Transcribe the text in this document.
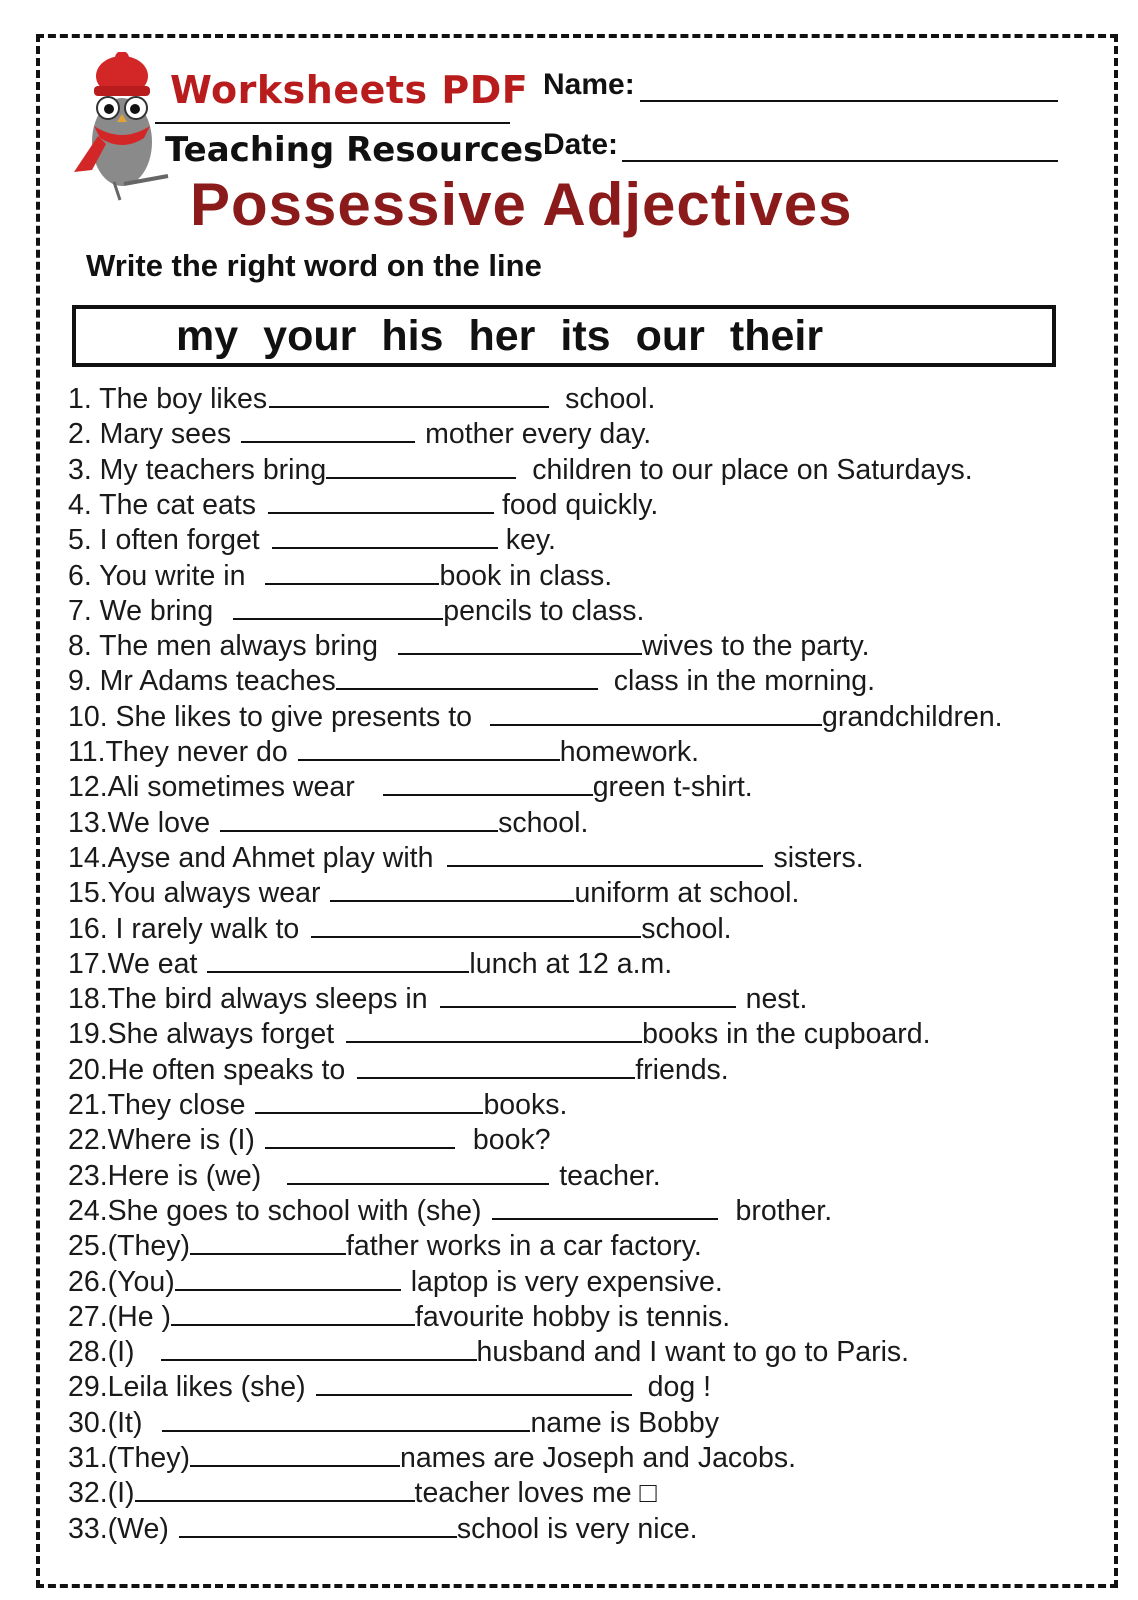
Worksheets PDF
Teaching Resources
Name:
Date:
Possessive Adjectives
Write the right word on the line
my your his her its our their
1. The boy likes	school.
2. Mary sees	mother every day.
3. My teachers bring	children to our place on Saturdays.
4. The cat eats	food quickly.
5. I often forget	key.
6. You write in	book in class.
7. We bring	pencils to class.
8. The men always bring	wives to the party.
9. Mr Adams teaches	class in the morning.
10. She likes to give presents to	grandchildren.
11.They never do	homework.
12.Ali sometimes wear	green t-shirt.
13.We love	school.
14.Ayse and Ahmet play with	sisters.
15.You always wear	uniform at school.
16. I rarely walk to	school.
17.We eat	lunch at 12 a.m.
18.The bird always sleeps in	nest.
19.She always forget	books in the cupboard.
20.He often speaks to	friends.
21.They close	books.
22.Where is (I)	book?
23.Here is (we)	teacher.
24.She goes to school with (she)	brother.
25.(They)	father works in a car factory.
26.(You)	laptop is very expensive.
27.(He )	favourite hobby is tennis.
28.(I)	husband and I want to go to Paris.
29.Leila likes (she)	dog !
30.(It)	name is Bobby
31.(They)	names are Joseph and Jacobs.
32.(I)	teacher loves me □
33.(We)	school is very nice.
